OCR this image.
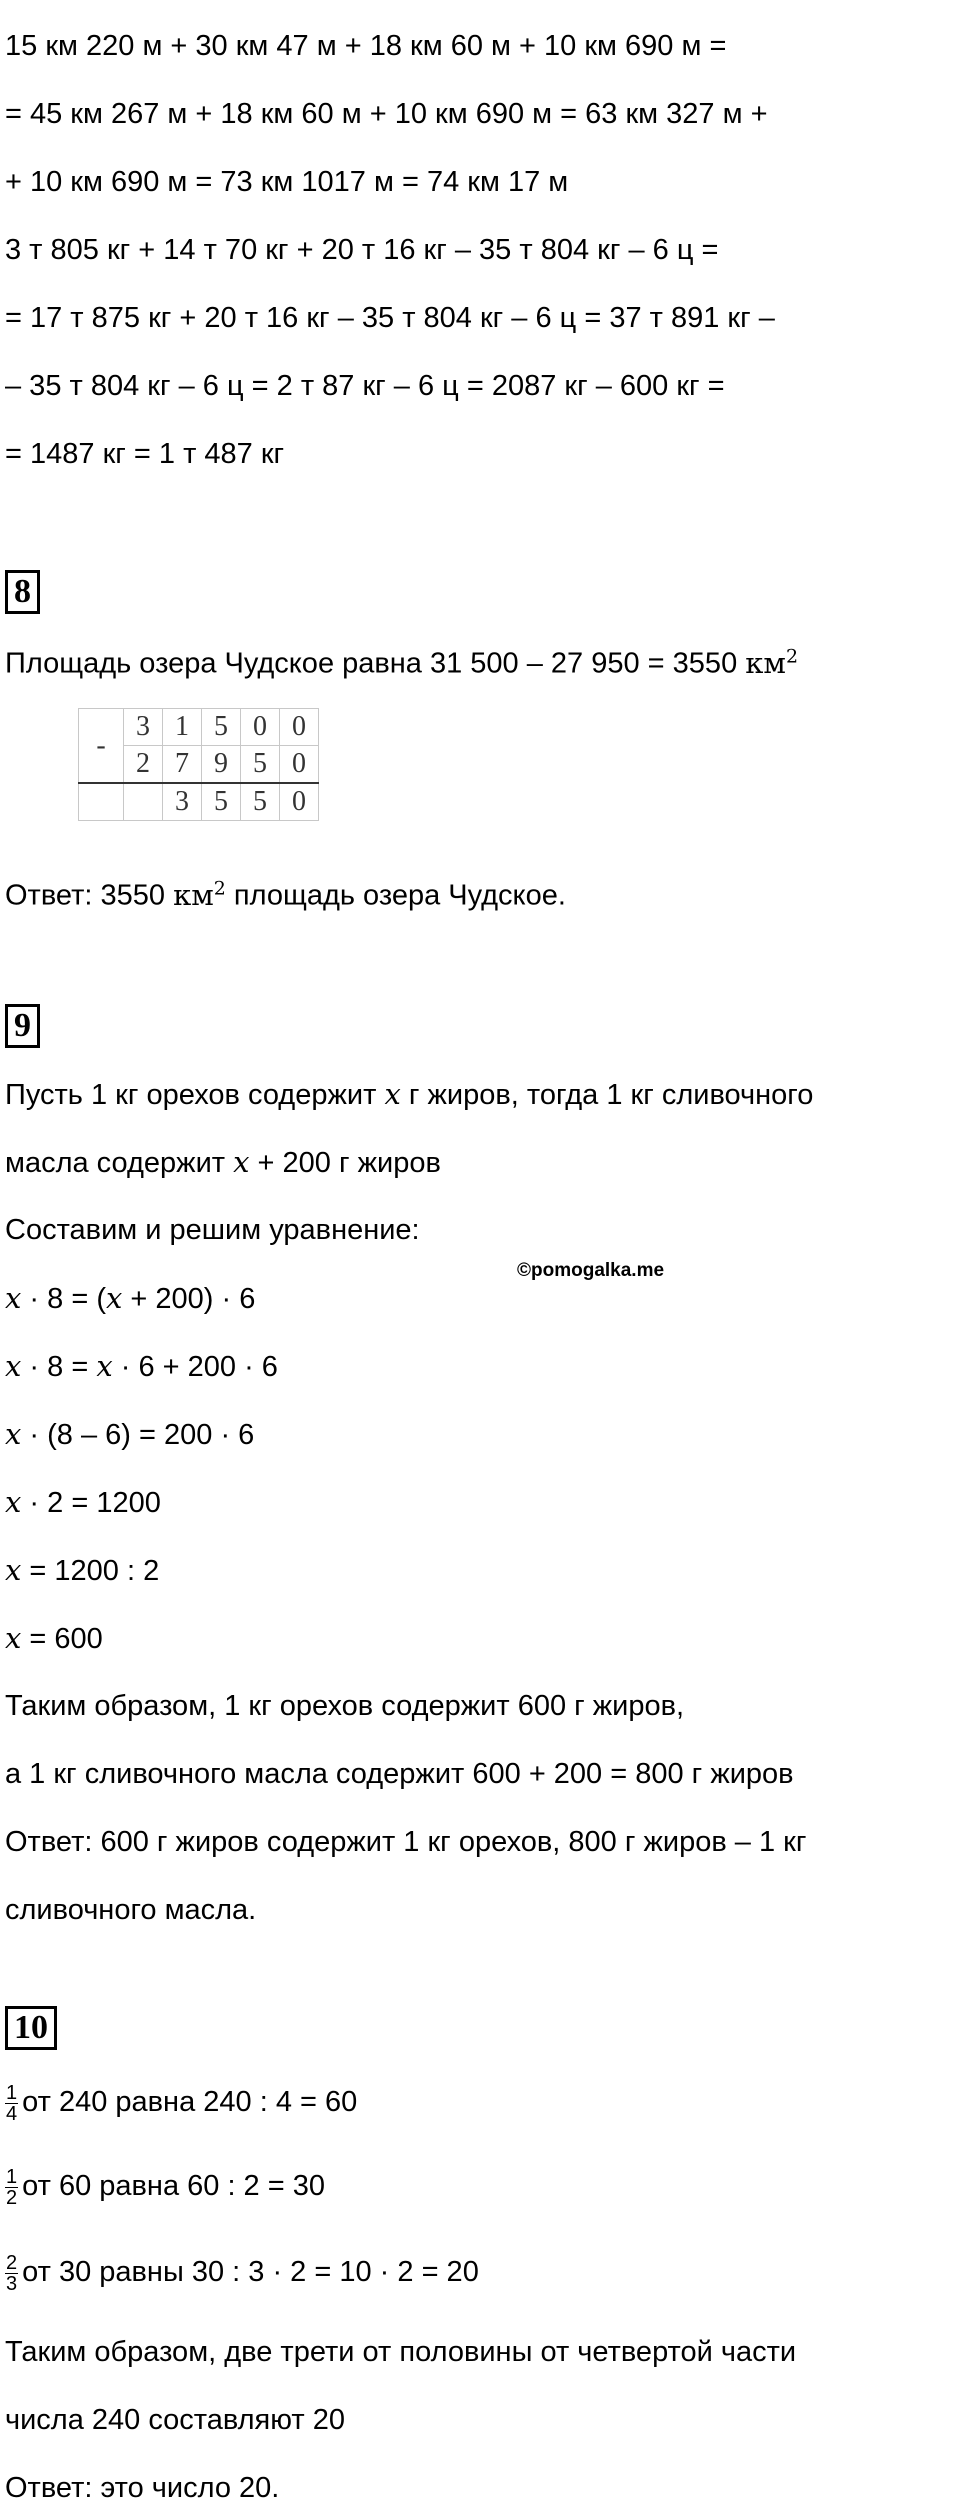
15 км 220 м + 30 км 47 м + 18 км 60 м + 10 км 690 м =
= 45 км 267 м + 18 км 60 м + 10 км 690 м = 63 км 327 м +
+ 10 км 690 м = 73 км 1017 м = 74 км 17 м
3 т 805 кг + 14 т 70 кг + 20 т 16 кг – 35 т 804 кг – 6 ц =
= 17 т 875 кг + 20 т 16 кг – 35 т 804 кг – 6 ц = 37 т 891 кг –
– 35 т 804 кг – 6 ц = 2 т 87 кг – 6 ц = 2087 кг – 600 кг =
= 1487 кг = 1 т 487 кг
8
Площадь озера Чудское равна 31 500 – 27 950 = 3550 $км^2$
-	3	1	5	0	0
	2	7	9	5	0
		3	5	5	0
Ответ: 3550 $км^2$ площадь озера Чудское.
9
Пусть 1 кг орехов содержит x г жиров, тогда 1 кг сливочного
масла содержит x + 200 г жиров
Составим и решим уравнение:
©pomogalka.me
x · 8 = (x + 200) · 6
x · 8 = x · 6 + 200 · 6
x · (8 – 6) = 200 · 6
x · 2 = 1200
x = 1200 : 2
x = 600
Таким образом, 1 кг орехов содержит 600 г жиров,
а 1 кг сливочного масла содержит 600 + 200 = 800 г жиров
Ответ: 600 г жиров содержит 1 кг орехов, 800 г жиров – 1 кг
сливочного масла.
10
$\frac{1}{4}$ от 240 равна 240 : 4 = 60
$\frac{1}{2}$ от 60 равна 60 : 2 = 30
$\frac{2}{3}$ от 30 равны 30 : 3 · 2 = 10 · 2 = 20
Таким образом, две трети от половины от четвертой части
числа 240 составляют 20
Ответ: это число 20.
